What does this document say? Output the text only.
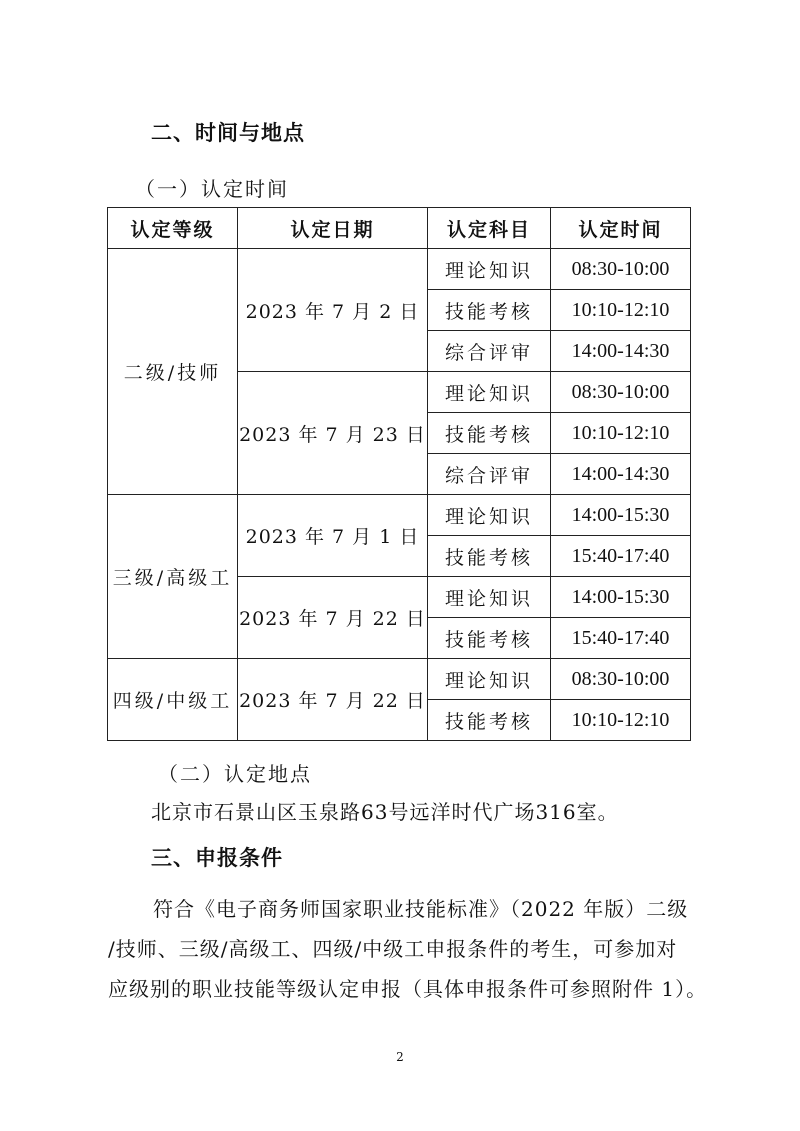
二、时间与地点
（一）认定时间
认定等级	认定日期	认定科目	认定时间
二级/技师	2023 年 7 月 2 日	理论知识	08:30-10:00
		技能考核	10:10-12:10
		综合评审	14:00-14:30
	2023 年 7 月 23 日	理论知识	08:30-10:00
		技能考核	10:10-12:10
		综合评审	14:00-14:30
三级/高级工	2023 年 7 月 1 日	理论知识	14:00-15:30
		技能考核	15:40-17:40
	2023 年 7 月 22 日	理论知识	14:00-15:30
		技能考核	15:40-17:40
四级/中级工	2023 年 7 月 22 日	理论知识	08:30-10:00
		技能考核	10:10-12:10
（二）认定地点
北京市石景山区玉泉路63号远洋时代广场316室。
三、申报条件
符合《电子商务师国家职业技能标准》（2022 年版）二级
/技师、三级/高级工、四级/中级工申报条件的考生，可参加对
应级别的职业技能等级认定申报（具体申报条件可参照附件 1）。
2
